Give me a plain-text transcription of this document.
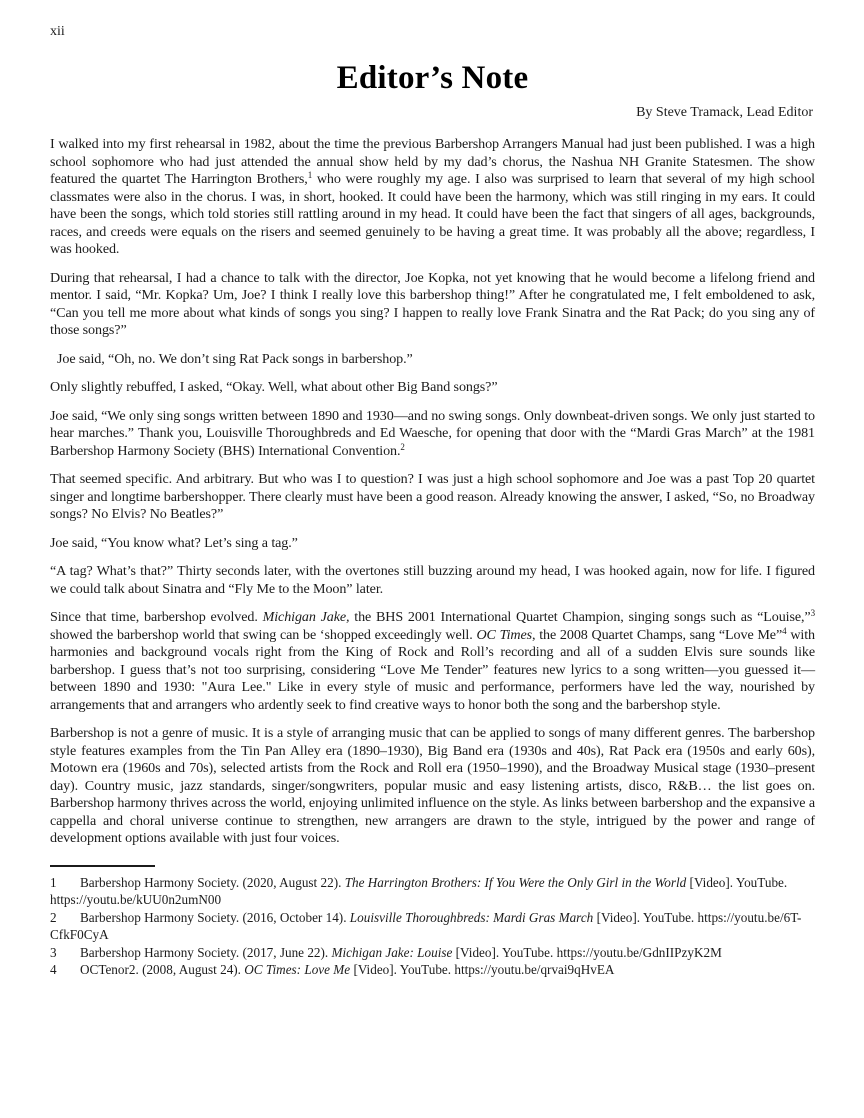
xii
Editor’s Note
By Steve Tramack, Lead Editor

I walked into my first rehearsal in 1982, about the time the previous Barbershop Arrangers Manual had just been published. I was a high school sophomore who had just attended the annual show held by my dad’s chorus, the Nashua NH Granite Statesmen. The show featured the quartet The Harrington Brothers,$^1$ who were roughly my age. I also was surprised to learn that several of my high school classmates were also in the chorus. I was, in short, hooked. It could have been the harmony, which was still ringing in my ears. It could have been the songs, which told stories still rattling around in my head. It could have been the fact that singers of all ages, backgrounds, races, and creeds were equals on the risers and seemed genuinely to be having a great time. It was probably all the above; regardless, I was hooked.

During that rehearsal, I had a chance to talk with the director, Joe Kopka, not yet knowing that he would become a lifelong friend and mentor. I said, “Mr. Kopka? Um, Joe? I think I really love this barbershop thing!” After he congratulated me, I felt emboldened to ask, “Can you tell me more about what kinds of songs you sing? I happen to really love Frank Sinatra and the Rat Pack; do you sing any of those songs?”

Joe said, “Oh, no. We don’t sing Rat Pack songs in barbershop.”

Only slightly rebuffed, I asked, “Okay. Well, what about other Big Band songs?”

Joe said, “We only sing songs written between 1890 and 1930—and no swing songs. Only downbeat-driven songs. We only just started to hear marches.” Thank you, Louisville Thoroughbreds and Ed Waesche, for opening that door with the “Mardi Gras March” at the 1981 Barbershop Harmony Society (BHS) International Convention.$^2$

That seemed specific. And arbitrary. But who was I to question? I was just a high school sophomore and Joe was a past Top 20 quartet singer and longtime barbershopper. There clearly must have been a good reason. Already knowing the answer, I asked, “So, no Broadway songs? No Elvis? No Beatles?”

Joe said, “You know what? Let’s sing a tag.”

“A tag? What’s that?” Thirty seconds later, with the overtones still buzzing around my head, I was hooked again, now for life. I figured we could talk about Sinatra and “Fly Me to the Moon” later.

Since that time, barbershop evolved. Michigan Jake, the BHS 2001 International Quartet Champion, singing songs such as “Louise,”$^3$ showed the barbershop world that swing can be ‘shopped exceedingly well. OC Times, the 2008 Quartet Champs, sang “Love Me”$^4$ with harmonies and background vocals right from the King of Rock and Roll’s recording and all of a sudden Elvis sure sounds like barbershop. I guess that’s not too surprising, considering “Love Me Tender” features new lyrics to a song written—you guessed it—between 1890 and 1930: "Aura Lee." Like in every style of music and performance, performers have led the way, nourished by arrangements that and arrangers who ardently seek to find creative ways to honor both the song and the barbershop style.

Barbershop is not a genre of music. It is a style of arranging music that can be applied to songs of many different genres. The barbershop style features examples from the Tin Pan Alley era (1890–1930), Big Band era (1930s and 40s), Rat Pack era (1950s and early 60s), Motown era (1960s and 70s), selected artists from the Rock and Roll era (1950–1990), and the Broadway Musical stage (1930–present day). Country music, jazz standards, singer/songwriters, popular music and easy listening artists, disco, R&B… the list goes on. Barbershop harmony thrives across the world, enjoying unlimited influence on the style. As links between barbershop and the expansive a cappella and choral universe continue to strengthen, new arrangers are drawn to the style, intrigued by the power and range of development options available with just four voices.

1 Barbershop Harmony Society. (2020, August 22). The Harrington Brothers: If You Were the Only Girl in the World [Video]. YouTube. https://youtu.be/kUU0n2umN00

2 Barbershop Harmony Society. (2016, October 14). Louisville Thoroughbreds: Mardi Gras March [Video]. YouTube. https://youtu.be/6T-CfkF0CyA

3 Barbershop Harmony Society. (2017, June 22). Michigan Jake: Louise [Video]. YouTube. https://youtu.be/GdnIIPzyK2M

4 OCTenor2. (2008, August 24). OC Times: Love Me [Video]. YouTube. https://youtu.be/qrvai9qHvEA
